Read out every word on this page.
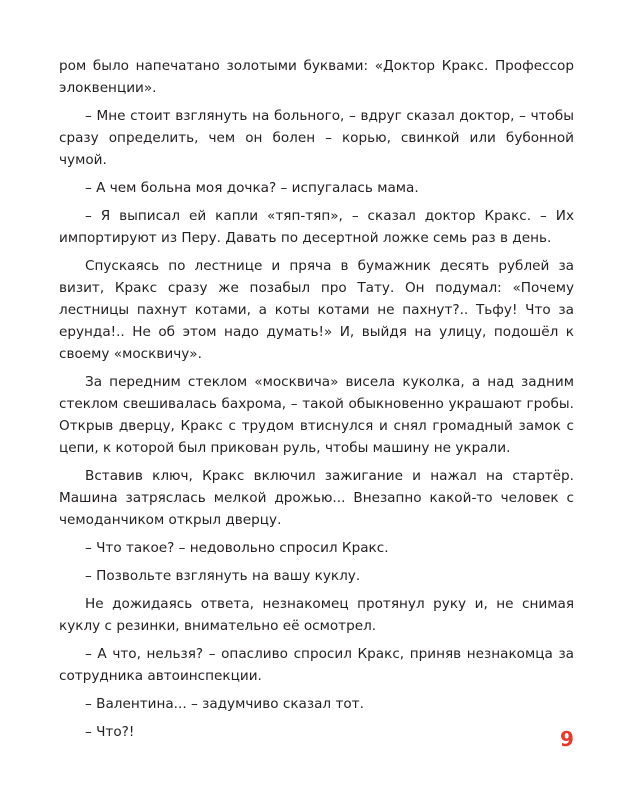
ром было напечатано золотыми буквами: «Доктор Кракс. Профессор элоквенции».

– Мне стоит взглянуть на больного, – вдруг сказал доктор, – чтобы сразу определить, чем он болен – корью, свинкой или бубонной чумой.

– А чем больна моя дочка? – испугалась мама.

– Я выписал ей капли «тяп-тяп», – сказал доктор Кракс. – Их импортируют из Перу. Давать по десертной ложке семь раз в день.

Спускаясь по лестнице и пряча в бумажник десять рублей за визит, Кракс сразу же позабыл про Тату. Он подумал: «Почему лестницы пахнут котами, а коты котами не пахнут?.. Тьфу! Что за ерунда!.. Не об этом надо думать!» И, выйдя на улицу, подошёл к своему «москвичу».

За передним стеклом «москвича» висела куколка, а над задним стеклом свешивалась бахрома, – такой обыкновенно украшают гробы. Открыв дверцу, Кракс с трудом втиснулся и снял громадный замок с цепи, к которой был прикован руль, чтобы машину не украли.

Вставив ключ, Кракс включил зажигание и нажал на стартёр. Машина затряслась мелкой дрожью... Внезапно какой-то человек с чемоданчиком открыл дверцу.

– Что такое? – недовольно спросил Кракс.

– Позвольте взглянуть на вашу куклу.

Не дожидаясь ответа, незнакомец протянул руку и, не снимая куклу с резинки, внимательно её осмотрел.

– А что, нельзя? – опасливо спросил Кракс, приняв незнакомца за сотрудника автоинспекции.

– Валентина... – задумчиво сказал тот.

– Что?!	9
